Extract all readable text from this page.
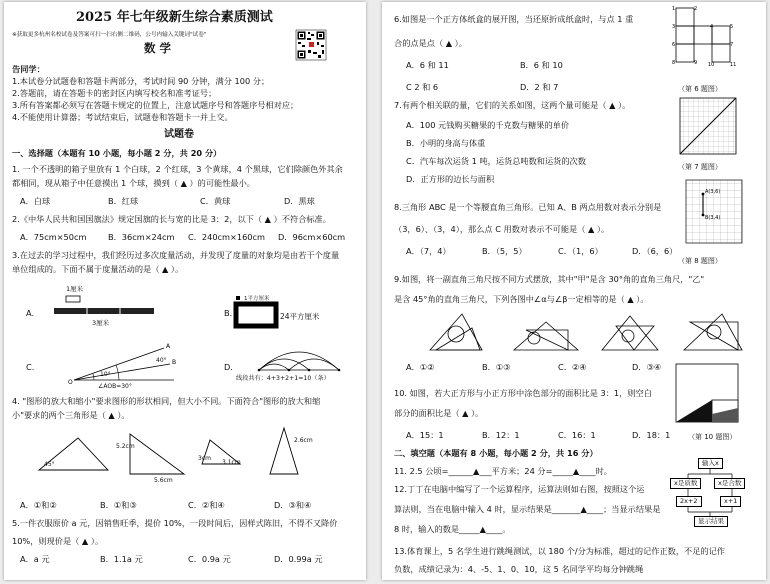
2025 年七年级新生综合素质测试
※获取更多杭州名校试卷及答案可扫一扫右侧二维码，公号内输入关键词"试卷"
数 学
告同学：
1.本试卷分试题卷和答题卡两部分，考试时间 90 分钟，满分 100 分；
2.答题前，请在答题卡的密封区内填写校名和准考证号；
3.所有答案都必须写在答题卡规定的位置上，注意试题序号和答题序号相对应；
4.不能使用计算器；考试结束后，试题卷和答题卡一并上交。
试题卷
一、选择题（本题有 10 小题，每小题 2 分，共 20 分）
1. 一个不透明的箱子里放有 1 个白球，2 个红球，3 个黄球，4 个黑球，它们除颜色外其余
都相同，现从箱子中任意摸出 1 个球，摸到（ ▲ ）的可能性最小。
A．白球	B．红球	C．黄球	D．黑球
2.《中华人民共和国国旗法》规定国旗的长与宽的比是 3：2，以下（ ▲ ）不符合标准。
A．75cm×50cm	B．36cm×24cm C．240cm×160cm D．96cm×60cm
3.在过去的学习过程中，我们经历过多次度量活动，并发现了度量的对象均是由若干个度量
单位组成的。下面不属于度量活动的是（ ▲ ）。
A.
1厘米
3厘米
B.
1平方厘米
24平方厘米
C.
A
B
O
10°
40°
∠AOB=30°
D.
线段共有：4+3+2+1=10（条）
4. "图形的放大和缩小"要求图形的形状相同，但大小不同。下面符合"图形的放大和缩
小"要求的两个三角形是（ ▲ ）。
45°
5.2cm
5.6cm
3cm
3.1cm
2.6cm
A．①和②	B．①和③	C．②和④	D．③和④
5.一件衣服原价 a 元，因销售旺季，提价 10%，一段时间后，因样式陈旧，不得不又降价
10%，则现价是（ ▲ ）。
A．a 元	B．1.1a 元	C．0.9a 元	D．0.99a 元
6.如图是一个正方体纸盒的展开图，当还原折成纸盒时，与点 1 重
合的点是点（ ▲ ）。
A．6 和 11	B．6 和 10
C 2 和 6	D．2 和 7
1	2
3	4	5
6	7
8	9 10	11
（第 6 题图）
7.有两个相关联的量，它们的关系如图，这两个量可能是（ ▲ ）。
A．100 元钱购买糖果的千克数与糖果的单价
B．小明的身高与体重
C．汽车每次运货 1 吨，运货总吨数和运货的次数
D．正方形的边长与面积
（第 7 题图）
8.三角形 ABC 是一个等腰直角三角形。已知 A、B 两点用数对表示分别是
（3，6）、（3，4），那么点 C 用数对表示不可能是（ ▲ ）。
A．（7，4）	B．（5，5）	C．（1，6）	D．（6，6）
A(3,6)
B(3,4)
（第 8 题图）
9.如图，将一副直角三角尺按不同方式摆放，其中"甲"是含 30°角的直角三角尺，"乙"
是含 45°角的直角三角尺，下列各图中∠α与∠β一定相等的是（ ▲ ）。
A．①②	B．①③	C．②④	D．③④
10. 如图，若大正方形与小正方形中涂色部分的面积比是 3：1，则空白
部分的面积比是（ ▲ ）。
A．15：1	B．12：1	C．16：1	D．18：1	（第 10 题图）
二、填空题（本题有 8 小题，每小题 2 分，共 16 分）
11. 2.5 公顷=______▲___平方米；24 分=_____▲____时。
12.丁丁在电脑中编写了一个运算程序，运算法则如右图，按照这个运
算法则，当在电脑中输入 4 时，显示结果是_______▲____；当显示结果是
8 时，输入的数是_____▲____。
输入x
x是质数	x是合数
2x+2	x+1
显示结果
13.体育课上，5 名学生进行跳绳测试，以 180 个/分为标准，超过的记作正数，不足的记作
负数，成绩记录为：4、-5、1、0、10，这 5 名同学平均每分钟跳绳
